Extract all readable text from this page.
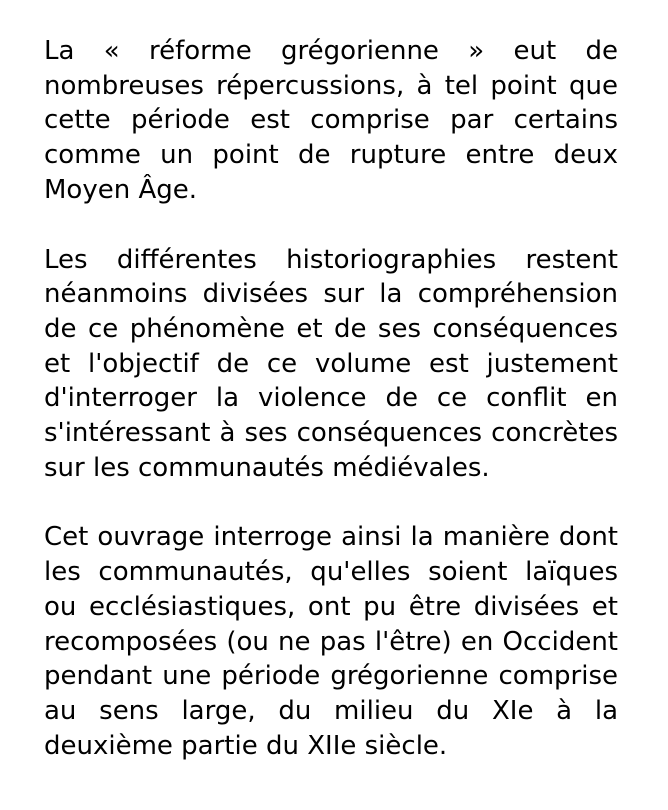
La « réforme grégorienne » eut de nombreuses répercussions, à tel point que cette période est comprise par certains comme un point de rupture entre deux Moyen Âge.

Les différentes historiographies restent néanmoins divisées sur la compréhension de ce phénomène et de ses conséquences et l'objectif de ce volume est justement d'interroger la violence de ce conflit en s'intéressant à ses conséquences concrètes sur les communautés médiévales.

Cet ouvrage interroge ainsi la manière dont les communautés, qu'elles soient laïques ou ecclésiastiques, ont pu être divisées et recomposées (ou ne pas l'être) en Occident pendant une période grégorienne comprise au sens large, du milieu du XIe à la deuxième partie du XIIe siècle.
